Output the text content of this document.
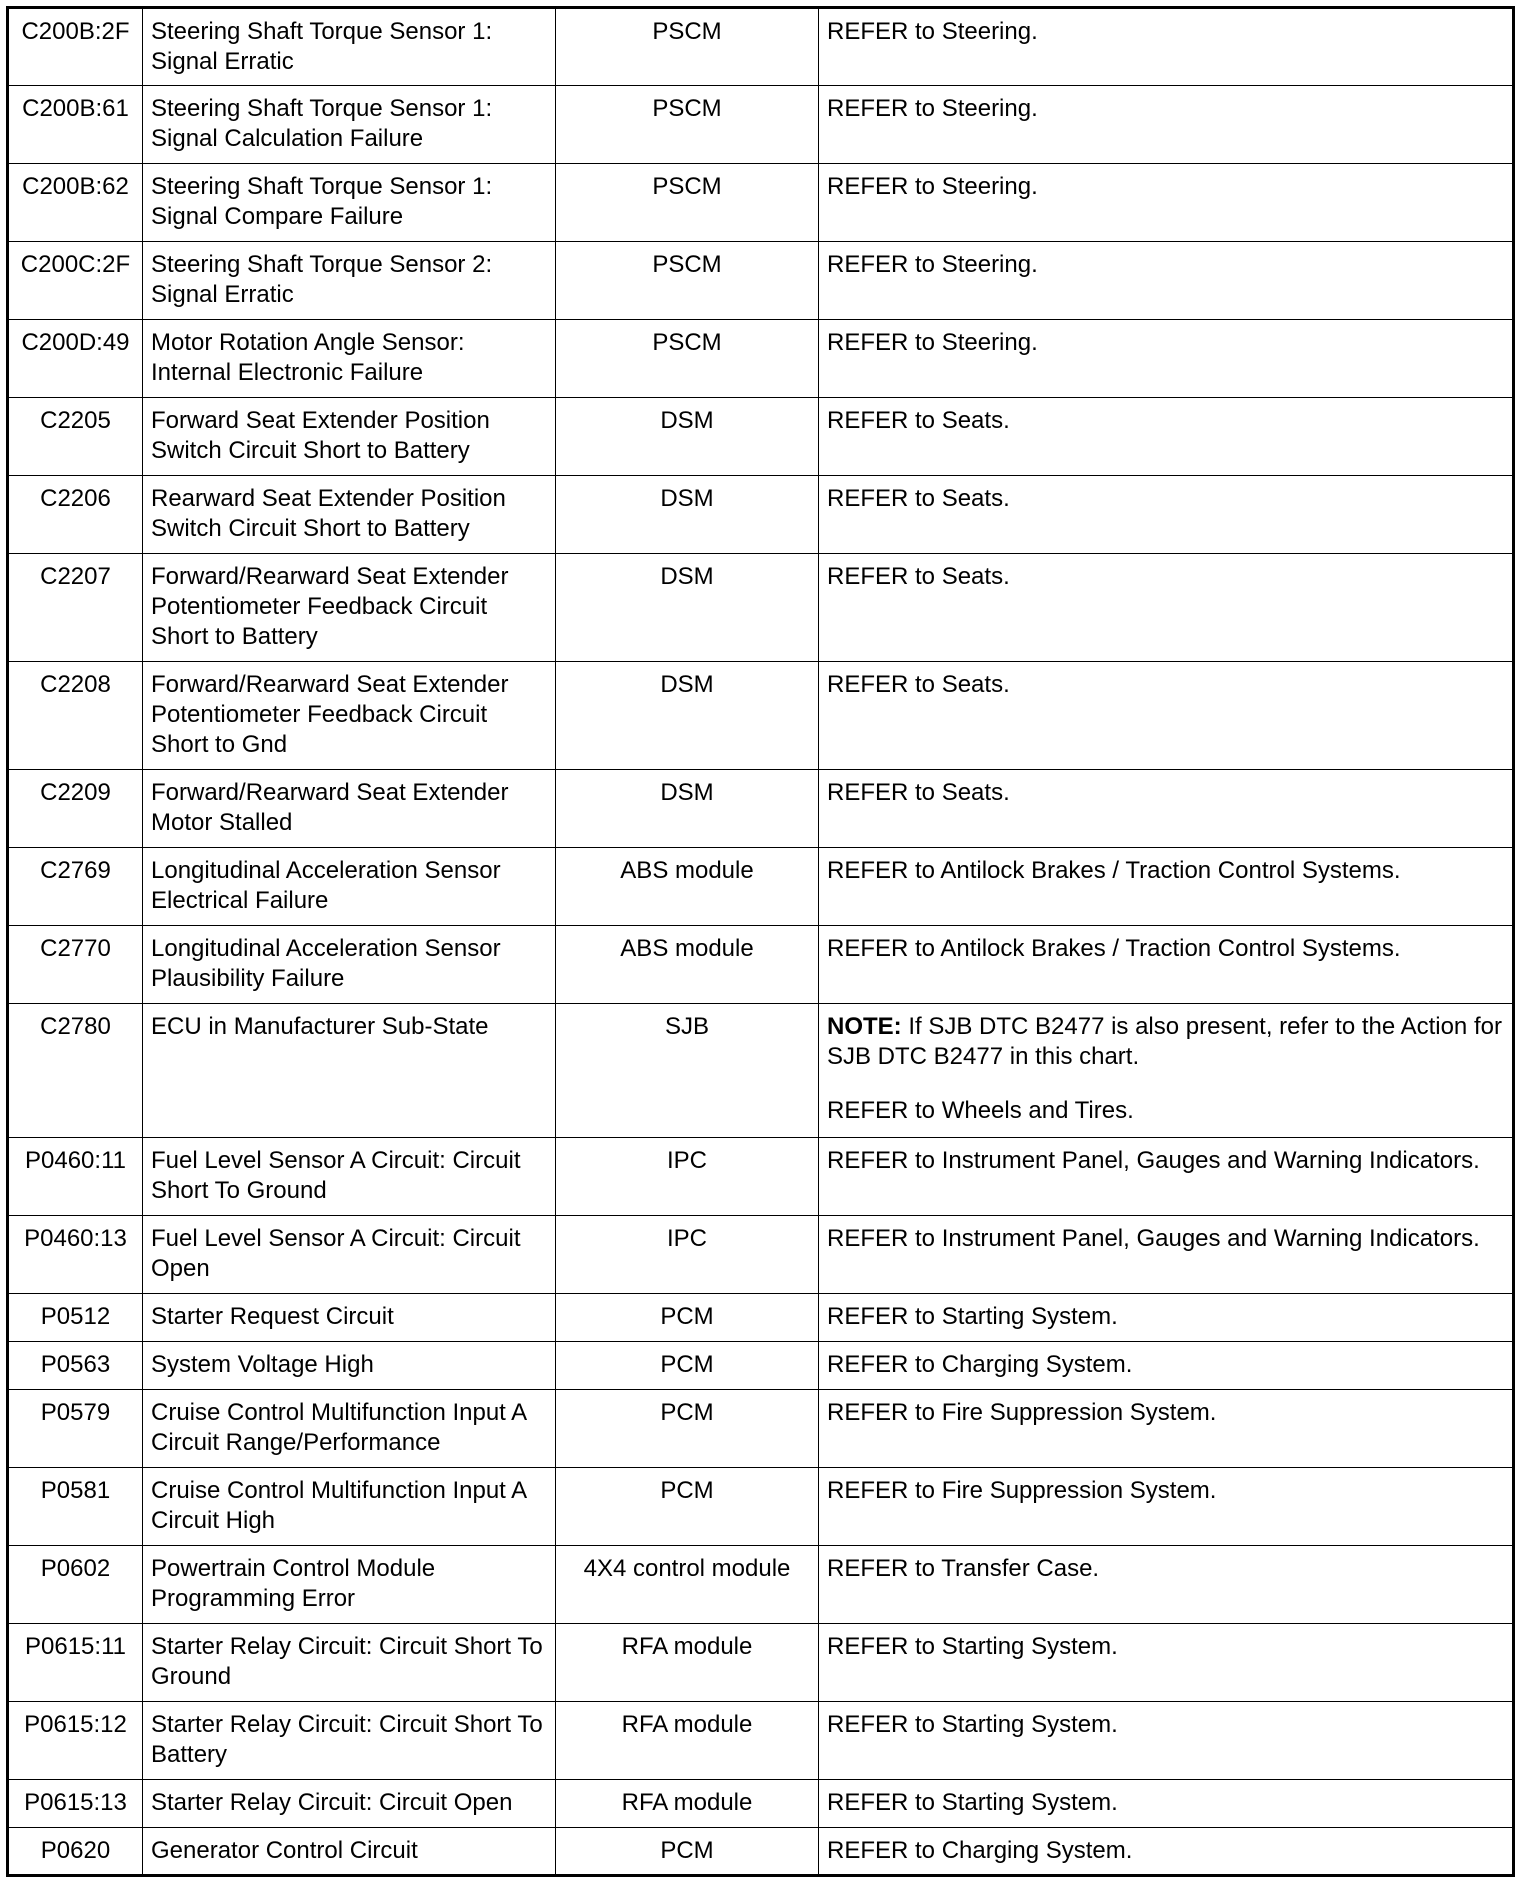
C200B:2F	Steering Shaft Torque Sensor 1: Signal Erratic	PSCM	REFER to Steering.
C200B:61	Steering Shaft Torque Sensor 1: Signal Calculation Failure	PSCM	REFER to Steering.
C200B:62	Steering Shaft Torque Sensor 1: Signal Compare Failure	PSCM	REFER to Steering.
C200C:2F	Steering Shaft Torque Sensor 2: Signal Erratic	PSCM	REFER to Steering.
C200D:49	Motor Rotation Angle Sensor: Internal Electronic Failure	PSCM	REFER to Steering.
C2205	Forward Seat Extender Position Switch Circuit Short to Battery	DSM	REFER to Seats.
C2206	Rearward Seat Extender Position Switch Circuit Short to Battery	DSM	REFER to Seats.
C2207	Forward/Rearward Seat Extender Potentiometer Feedback Circuit Short to Battery	DSM	REFER to Seats.
C2208	Forward/Rearward Seat Extender Potentiometer Feedback Circuit Short to Gnd	DSM	REFER to Seats.
C2209	Forward/Rearward Seat Extender Motor Stalled	DSM	REFER to Seats.
C2769	Longitudinal Acceleration Sensor Electrical Failure	ABS module	REFER to Antilock Brakes / Traction Control Systems.
C2770	Longitudinal Acceleration Sensor Plausibility Failure	ABS module	REFER to Antilock Brakes / Traction Control Systems.
C2780	ECU in Manufacturer Sub-State	SJB	NOTE: If SJB DTC B2477 is also present, refer to the Action for SJB DTC B2477 in this chart.
REFER to Wheels and Tires.

P0460:11	Fuel Level Sensor A Circuit: Circuit Short To Ground	IPC	REFER to Instrument Panel, Gauges and Warning Indicators.
P0460:13	Fuel Level Sensor A Circuit: Circuit Open	IPC	REFER to Instrument Panel, Gauges and Warning Indicators.
P0512	Starter Request Circuit	PCM	REFER to Starting System.
P0563	System Voltage High	PCM	REFER to Charging System.
P0579	Cruise Control Multifunction Input A Circuit Range/Performance	PCM	REFER to Fire Suppression System.
P0581	Cruise Control Multifunction Input A Circuit High	PCM	REFER to Fire Suppression System.
P0602	Powertrain Control Module Programming Error	4X4 control module	REFER to Transfer Case.
P0615:11	Starter Relay Circuit: Circuit Short To Ground	RFA module	REFER to Starting System.
P0615:12	Starter Relay Circuit: Circuit Short To Battery	RFA module	REFER to Starting System.
P0615:13	Starter Relay Circuit: Circuit Open	RFA module	REFER to Starting System.
P0620	Generator Control Circuit	PCM	REFER to Charging System.
